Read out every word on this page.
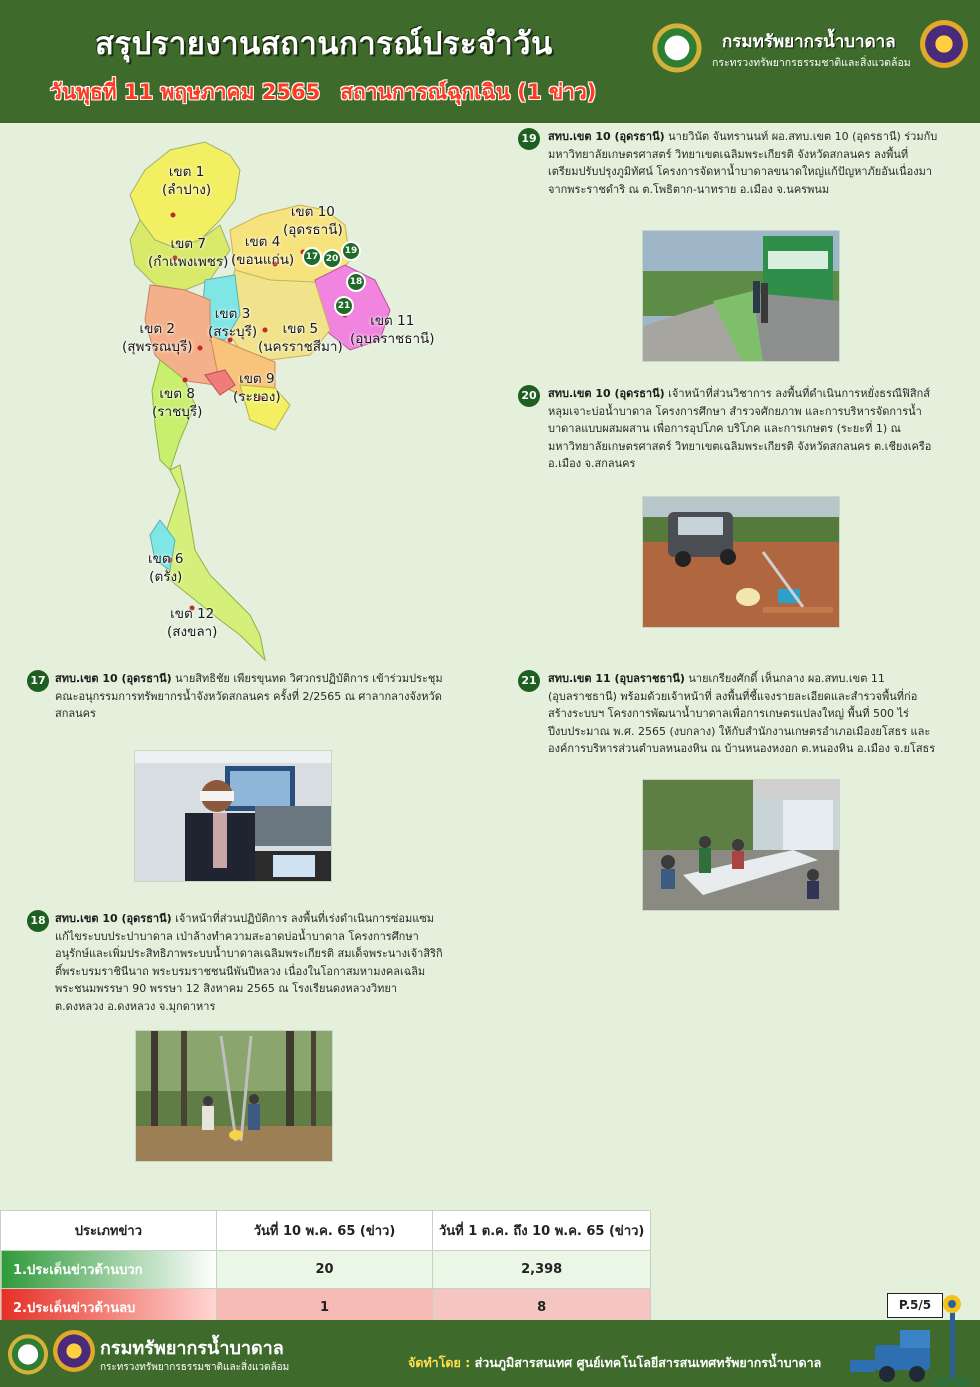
สรุปรายงานสถานการณ์ประจำวัน
วันพุธที่ 11 พฤษภาคม 2565 สถานการณ์ฉุกเฉิน (1 ข่าว)
กรมทรัพยากรน้ำบาดาล
กระทรวงทรัพยากรธรรมชาติและสิ่งแวดล้อม
เขต 1
(ลำปาง)
เขต 7
(กำแพงเพชร)
เขต 10
(อุดรธานี)
เขต 4
(ขอนแก่น)
เขต 3
(สระบุรี)
เขต 2
(สุพรรณบุรี)
เขต 5
(นครราชสีมา)
เขต 11
(อุบลราชธานี)
เขต 9
(ระยอง)
เขต 8
(ราชบุรี)
เขต 6
(ตรัง)
เขต 12
(สงขลา)
17 20
19
18
21
19	สทบ.เขต 10 (อุดรธานี) นายวินัต จันทรานนท์ ผอ.สทบ.เขต 10 (อุดรธานี) ร่วมกับมหาวิทยาลัยเกษตรศาสตร์ วิทยาเขตเฉลิมพระเกียรติ จังหวัดสกลนคร ลงพื้นที่เตรียมปรับปรุงภูมิทัศน์ โครงการจัดหาน้ำบาดาลขนาดใหญ่แก้ปัญหาภัยอันเนื่องมาจากพระราชดำริ ณ ต.โพธิตาก-นาทราย อ.เมือง จ.นครพนม
20	สทบ.เขต 10 (อุดรธานี) เจ้าหน้าที่ส่วนวิชาการ ลงพื้นที่ดำเนินการหยั่งธรณีฟิสิกส์ หลุมเจาะบ่อน้ำบาดาล โครงการศึกษา สำรวจศักยภาพ และการบริหารจัดการน้ำบาดาลแบบผสมผสาน เพื่อการอุปโภค บริโภค และการเกษตร (ระยะที่ 1) ณ มหาวิทยาลัยเกษตรศาสตร์ วิทยาเขตเฉลิมพระเกียรติ จังหวัดสกลนคร ต.เชียงเครือ อ.เมือง จ.สกลนคร
21	สทบ.เขต 11 (อุบลราชธานี) นายเกรียงศักดิ์ เห็นกลาง ผอ.สทบ.เขต 11 (อุบลราชธานี) พร้อมด้วยเจ้าหน้าที่ ลงพื้นที่ชี้แจงรายละเอียดและสำรวจพื้นที่ก่อสร้างระบบฯ โครงการพัฒนาน้ำบาดาลเพื่อการเกษตรแปลงใหญ่ พื้นที่ 500 ไร่ ปีงบประมาณ พ.ศ. 2565 (งบกลาง) ให้กับสำนักงานเกษตรอำเภอเมืองยโสธร และองค์การบริหารส่วนตำบลหนองหิน ณ บ้านหนองหงอก ต.หนองหิน อ.เมือง จ.ยโสธร
17 สทบ.เขต 10 (อุดรธานี) นายสิทธิชัย เพียรขุนทด วิศวกรปฏิบัติการ เข้าร่วมประชุมคณะอนุกรรมการทรัพยากรน้ำจังหวัดสกลนคร ครั้งที่ 2/2565 ณ ศาลากลางจังหวัดสกลนคร
18 สทบ.เขต 10 (อุดรธานี) เจ้าหน้าที่ส่วนปฏิบัติการ ลงพื้นที่เร่งดำเนินการซ่อมแซม แก้ไขระบบประปาบาดาล เป่าล้างทำความสะอาดบ่อน้ำบาดาล โครงการศึกษาอนุรักษ์และเพิ่มประสิทธิภาพระบบน้ำบาดาลเฉลิมพระเกียรติ สมเด็จพระนางเจ้าสิริกิติ์พระบรมราชินีนาถ พระบรมราชชนนีพันปีหลวง เนื่องในโอกาสมหามงคลเฉลิมพระชนมพรรษา 90 พรรษา 12 สิงหาคม 2565 ณ โรงเรียนดงหลวงวิทยา ต.ดงหลวง อ.ดงหลวง จ.มุกดาหาร
ประเภทข่าว	วันที่ 10 พ.ค. 65 (ข่าว)	วันที่ 1 ต.ค. ถึง 10 พ.ค. 65 (ข่าว)
1.ประเด็นข่าวด้านบวก	20	2,398
2.ประเด็นข่าวด้านลบ	1	8	P.5/5
กรมทรัพยากรน้ำบาดาล
กระทรวงทรัพยากรธรรมชาติและสิ่งแวดล้อม	จัดทำโดย : ส่วนภูมิสารสนเทศ ศูนย์เทคโนโลยีสารสนเทศทรัพยากรน้ำบาดาล
